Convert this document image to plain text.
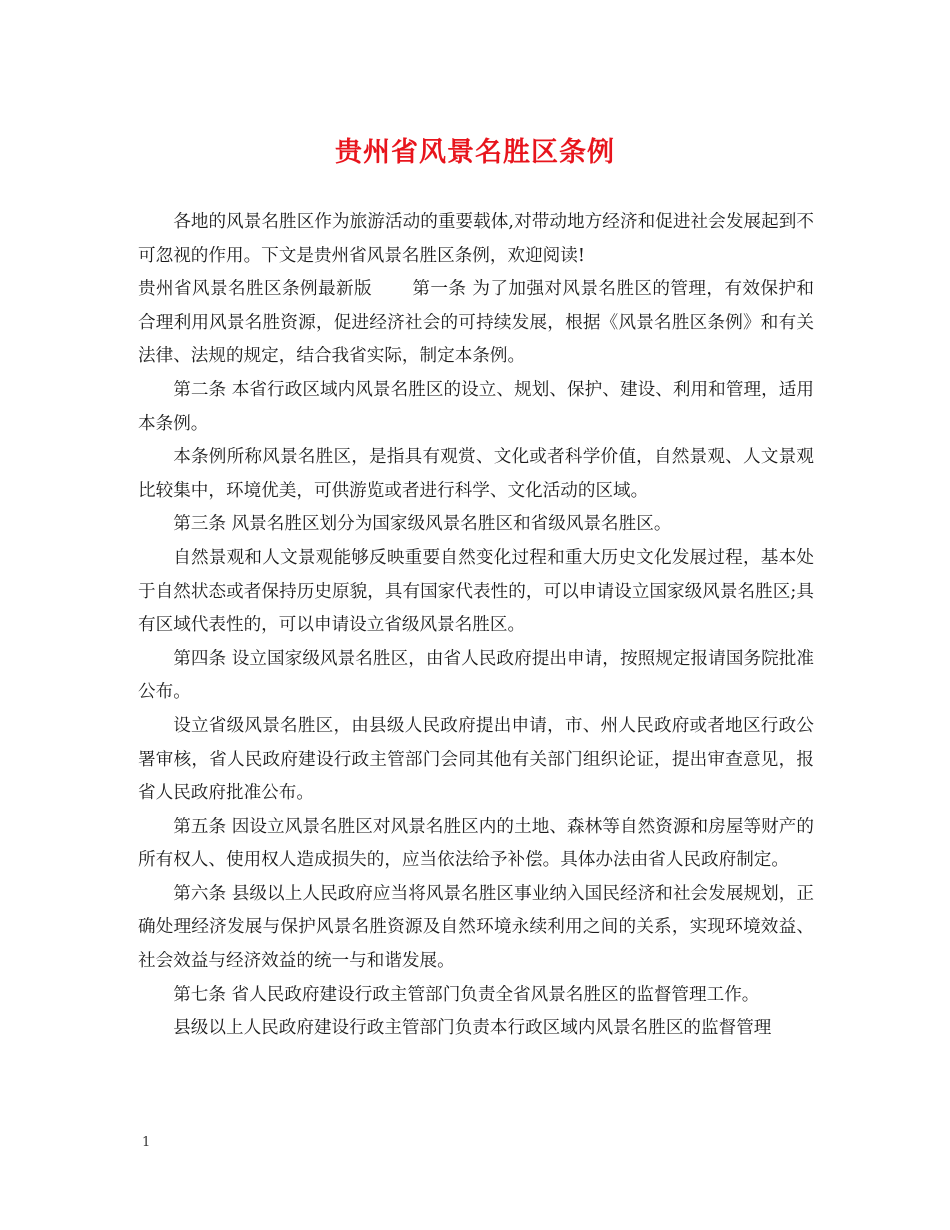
贵州省风景名胜区条例

各地的风景名胜区作为旅游活动的重要载体,对带动地方经济和促进社会发展起到不可忽视的作用。下文是贵州省风景名胜区条例，欢迎阅读!

贵州省风景名胜区条例最新版 第一条 为了加强对风景名胜区的管理，有效保护和合理利用风景名胜资源，促进经济社会的可持续发展，根据《风景名胜区条例》和有关法律、法规的规定，结合我省实际，制定本条例。

第二条 本省行政区域内风景名胜区的设立、规划、保护、建设、利用和管理，适用本条例。

本条例所称风景名胜区，是指具有观赏、文化或者科学价值，自然景观、人文景观比较集中，环境优美，可供游览或者进行科学、文化活动的区域。

第三条 风景名胜区划分为国家级风景名胜区和省级风景名胜区。

自然景观和人文景观能够反映重要自然变化过程和重大历史文化发展过程，基本处于自然状态或者保持历史原貌，具有国家代表性的，可以申请设立国家级风景名胜区;具有区域代表性的，可以申请设立省级风景名胜区。

第四条 设立国家级风景名胜区，由省人民政府提出申请，按照规定报请国务院批准公布。

设立省级风景名胜区，由县级人民政府提出申请，市、州人民政府或者地区行政公署审核，省人民政府建设行政主管部门会同其他有关部门组织论证，提出审查意见，报省人民政府批准公布。

第五条 因设立风景名胜区对风景名胜区内的土地、森林等自然资源和房屋等财产的所有权人、使用权人造成损失的，应当依法给予补偿。具体办法由省人民政府制定。

第六条 县级以上人民政府应当将风景名胜区事业纳入国民经济和社会发展规划，正确处理经济发展与保护风景名胜资源及自然环境永续利用之间的关系，实现环境效益、社会效益与经济效益的统一与和谐发展。

第七条 省人民政府建设行政主管部门负责全省风景名胜区的监督管理工作。

县级以上人民政府建设行政主管部门负责本行政区域内风景名胜区的监督管理

1
